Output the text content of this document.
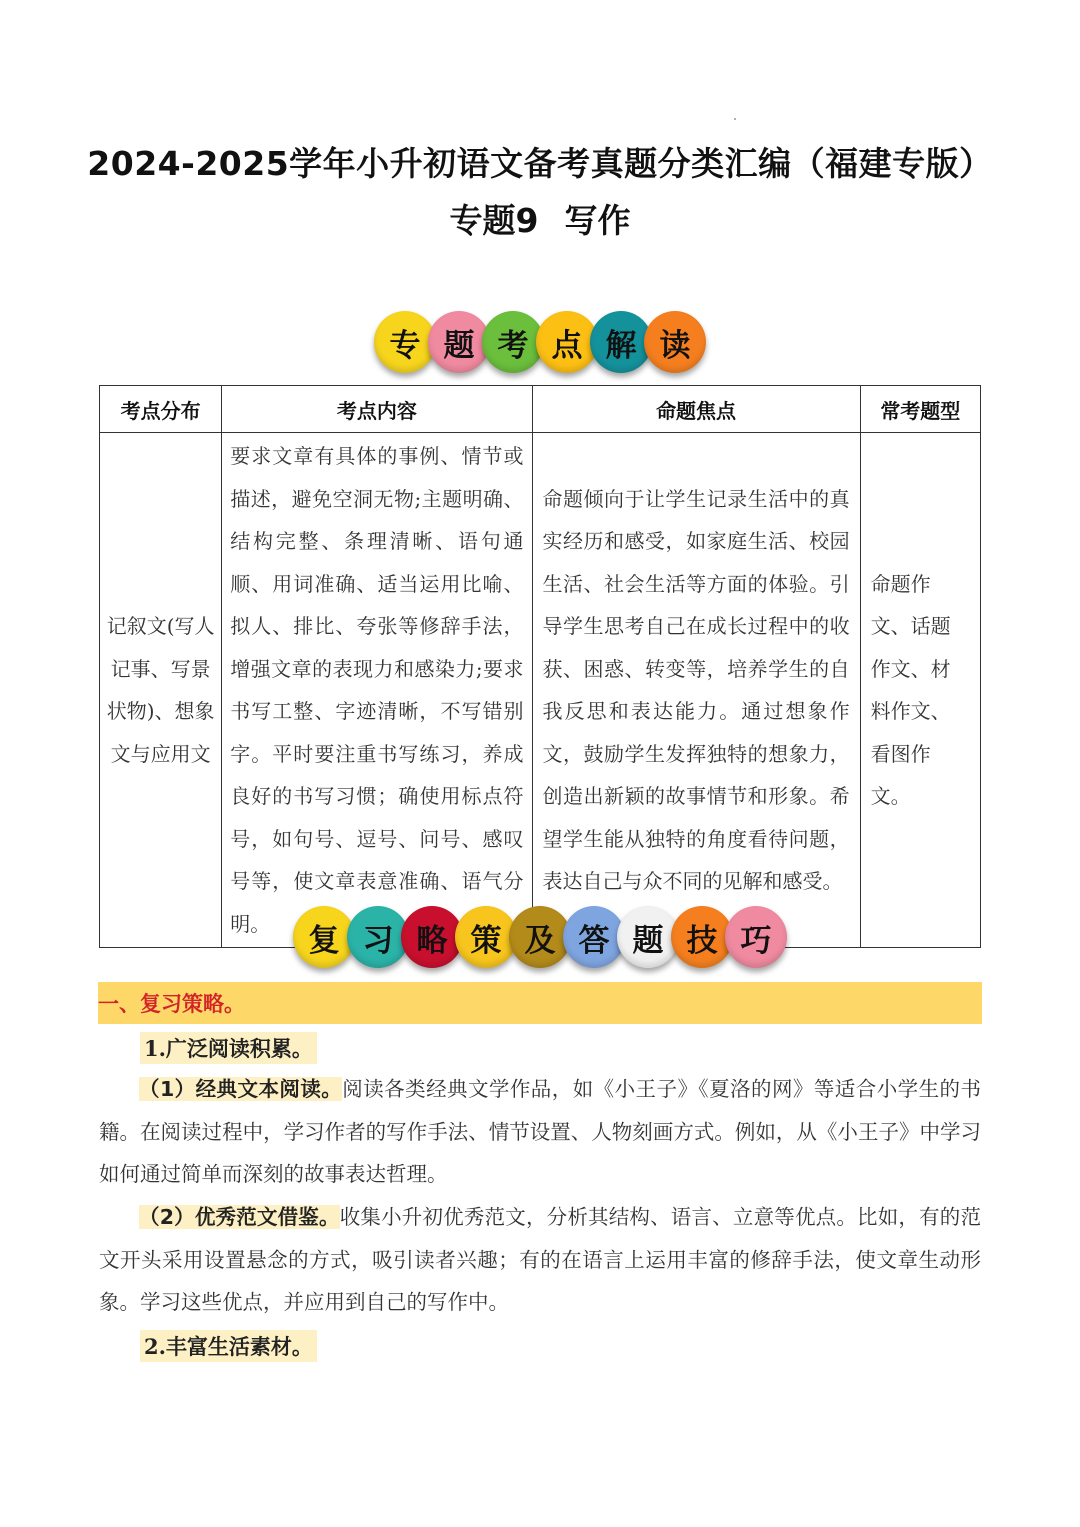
2024-2025学年小升初语文备考真题分类汇编（福建专版）
专题9 写作
专 题 考 点 解 读
考点分布	考点内容	命题焦点	常考题型
记叙文(写人记事、写景状物)、想象文与应用文	要求文章有具体的事例、情节或描述，避免空洞无物;主题明确、结构完整、条理清晰、语句通顺、用词准确、适当运用比喻、拟人、排比、夸张等修辞手法，增强文章的表现力和感染力;要求书写工整、字迹清晰，不写错别字。平时要注重书写练习，养成良好的书写习惯；确使用标点符号，如句号、逗号、问号、感叹号等，使文章表意准确、语气分明。	命题倾向于让学生记录生活中的真实经历和感受，如家庭生活、校园生活、社会生活等方面的体验。引导学生思考自己在成长过程中的收获、困惑、转变等，培养学生的自我反思和表达能力。通过想象作文，鼓励学生发挥独特的想象力，创造出新颖的故事情节和形象。希望学生能从独特的角度看待问题，表达自己与众不同的见解和感受。	命题作文、话题作文、材料作文、看图作文。
复 习 略 策 及 答 题 技 巧
一、复习策略。
1.广泛阅读积累。
（1）经典文本阅读。阅读各类经典文学作品，如《小王子》《夏洛的网》等适合小学生的书籍。在阅读过程中，学习作者的写作手法、情节设置、人物刻画方式。例如，从《小王子》中学习如何通过简单而深刻的故事表达哲理。
（2）优秀范文借鉴。收集小升初优秀范文，分析其结构、语言、立意等优点。比如，有的范文开头采用设置悬念的方式，吸引读者兴趣；有的在语言上运用丰富的修辞手法，使文章生动形象。学习这些优点，并应用到自己的写作中。
2.丰富生活素材。
